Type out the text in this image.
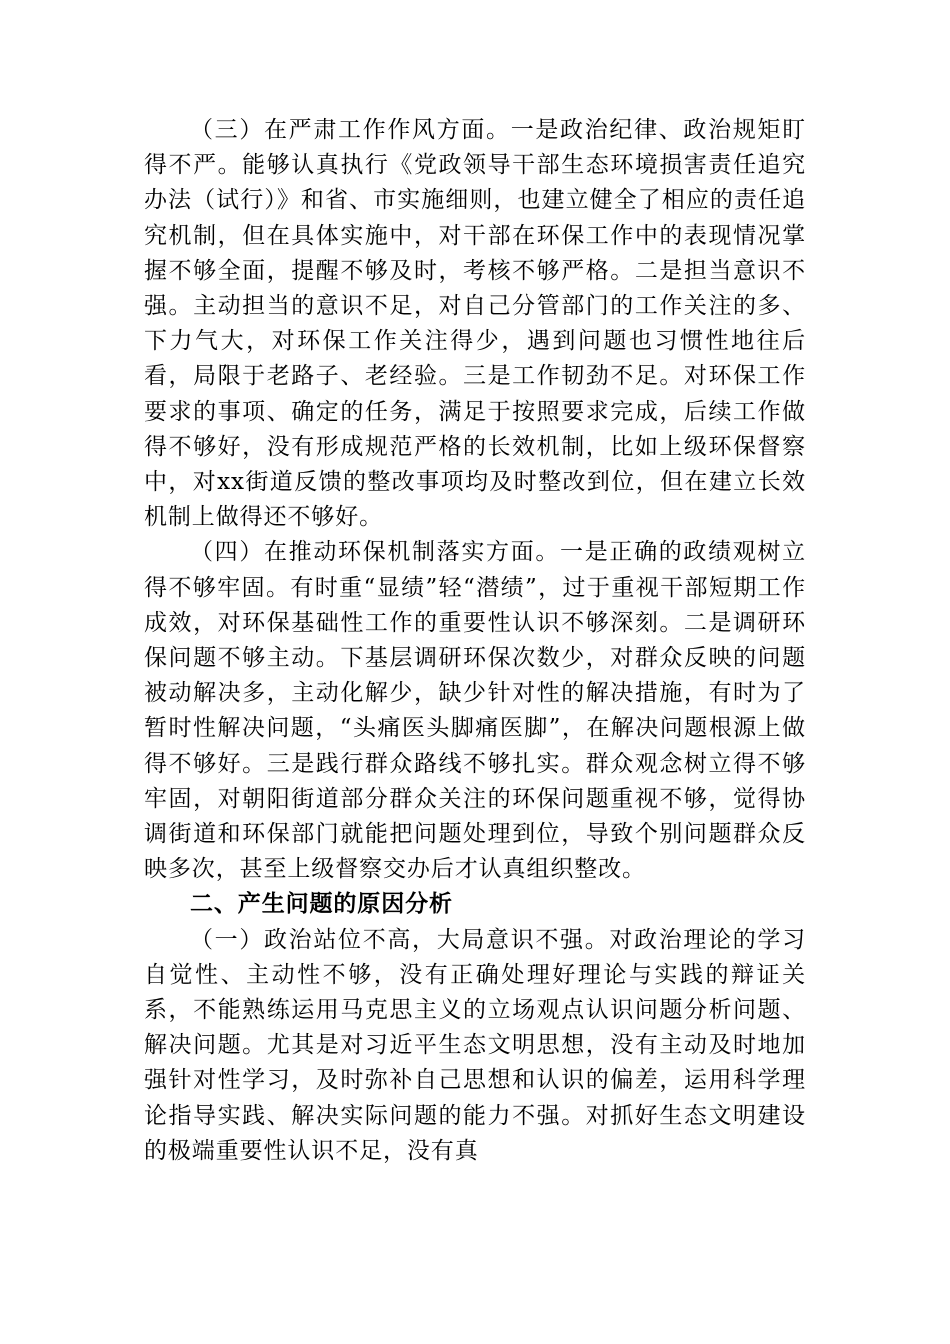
（三）在严肃工作作风方面。一是政治纪律、政治规矩盯得不严。能够认真执行《党政领导干部生态环境损害责任追究办法（试行）》和省、市实施细则，也建立健全了相应的责任追究机制，但在具体实施中，对干部在环保工作中的表现情况掌握不够全面，提醒不够及时，考核不够严格。二是担当意识不强。主动担当的意识不足，对自己分管部门的工作关注的多、下力气大，对环保工作关注得少，遇到问题也习惯性地往后看，局限于老路子、老经验。三是工作韧劲不足。对环保工作要求的事项、确定的任务，满足于按照要求完成，后续工作做得不够好，没有形成规范严格的长效机制，比如上级环保督察中，对xx街道反馈的整改事项均及时整改到位，但在建立长效机制上做得还不够好。

（四）在推动环保机制落实方面。一是正确的政绩观树立得不够牢固。有时重“显绩”轻“潜绩”，过于重视干部短期工作成效，对环保基础性工作的重要性认识不够深刻。二是调研环保问题不够主动。下基层调研环保次数少，对群众反映的问题被动解决多，主动化解少，缺少针对性的解决措施，有时为了暂时性解决问题，“头痛医头脚痛医脚”，在解决问题根源上做得不够好。三是践行群众路线不够扎实。群众观念树立得不够牢固，对朝阳街道部分群众关注的环保问题重视不够，觉得协调街道和环保部门就能把问题处理到位，导致个别问题群众反映多次，甚至上级督察交办后才认真组织整改。

二、产生问题的原因分析

（一）政治站位不高，大局意识不强。对政治理论的学习自觉性、主动性不够，没有正确处理好理论与实践的辩证关系，不能熟练运用马克思主义的立场观点认识问题分析问题、解决问题。尤其是对习近平生态文明思想，没有主动及时地加强针对性学习，及时弥补自己思想和认识的偏差，运用科学理论指导实践、解决实际问题的能力不强。对抓好生态文明建设的极端重要性认识不足，没有真
